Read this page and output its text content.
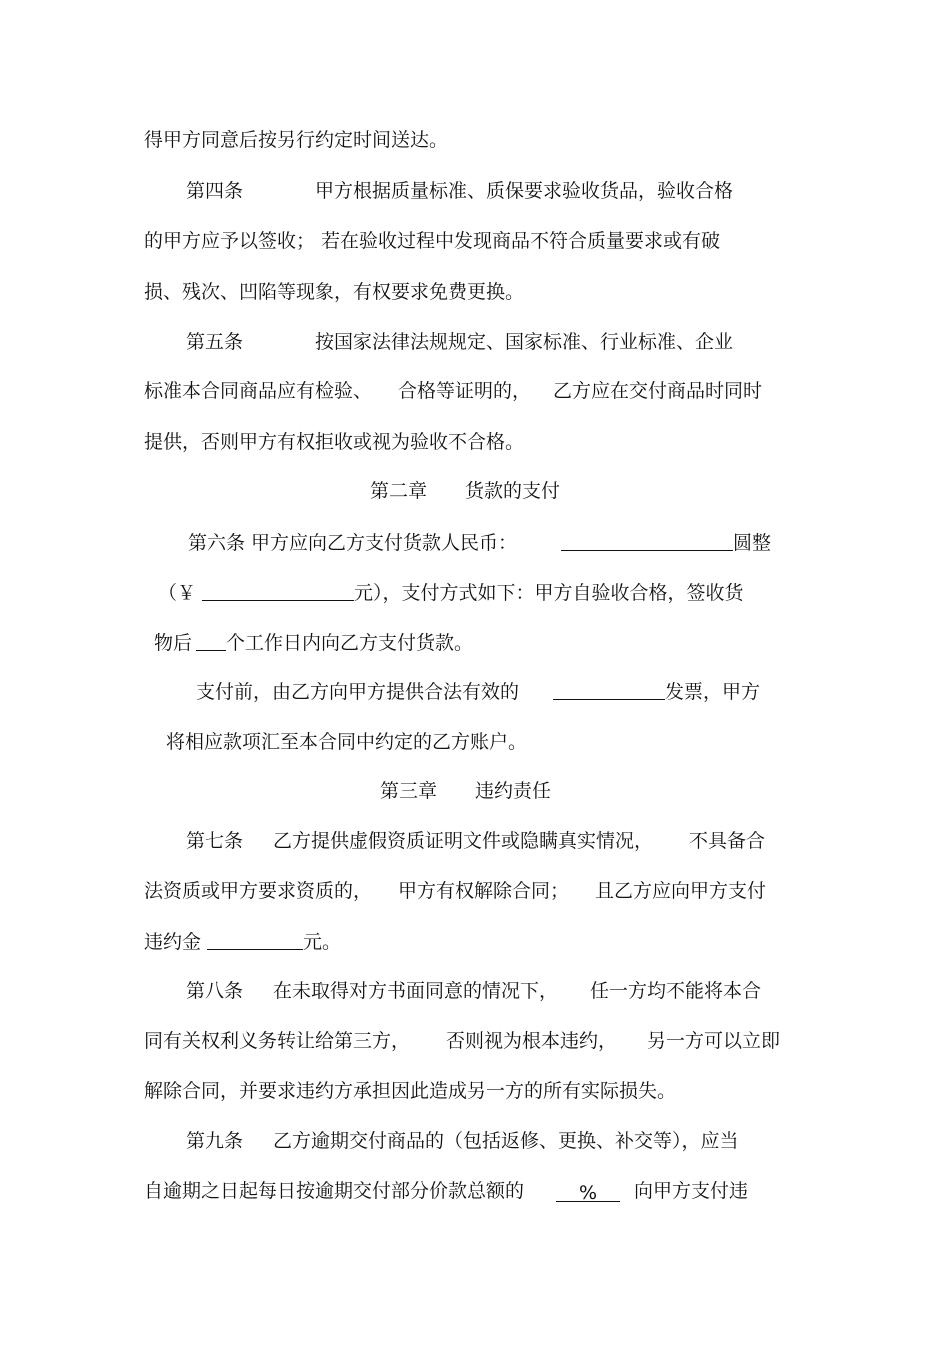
得甲方同意后按另行约定时间送达。
第四条	甲方根据质量标准、质保要求验收货品，验收合格
的甲方应予以签收； 若在验收过程中发现商品不符合质量要求或有破
损、残次、凹陷等现象，有权要求免费更换。
第五条	按国家法律法规规定、国家标准、行业标准、企业
标准本合同商品应有检验、 合格等证明的， 乙方应在交付商品时同时
提供，否则甲方有权拒收或视为验收不合格。
第二章 货款的支付
第六条 甲方应向乙方支付货款人民币：	圆整
（￥	元），支付方式如下：甲方自验收合格，签收货
物后 个工作日内向乙方支付货款。
支付前，由乙方向甲方提供合法有效的	发票，甲方
将相应款项汇至本合同中约定的乙方账户。
第三章 违约责任
第七条 乙方提供虚假资质证明文件或隐瞒真实情况， 不具备合
法资质或甲方要求资质的， 甲方有权解除合同； 且乙方应向甲方支付
违约金	元。
第八条 在未取得对方书面同意的情况下， 任一方均不能将本合
同有关权利义务转让给第三方， 否则视为根本违约， 另一方可以立即
解除合同，并要求违约方承担因此造成另一方的所有实际损失。
第九条 乙方逾期交付商品的（包括返修、更换、补交等），应当
自逾期之日起每日按逾期交付部分价款总额的	% 向甲方支付违
